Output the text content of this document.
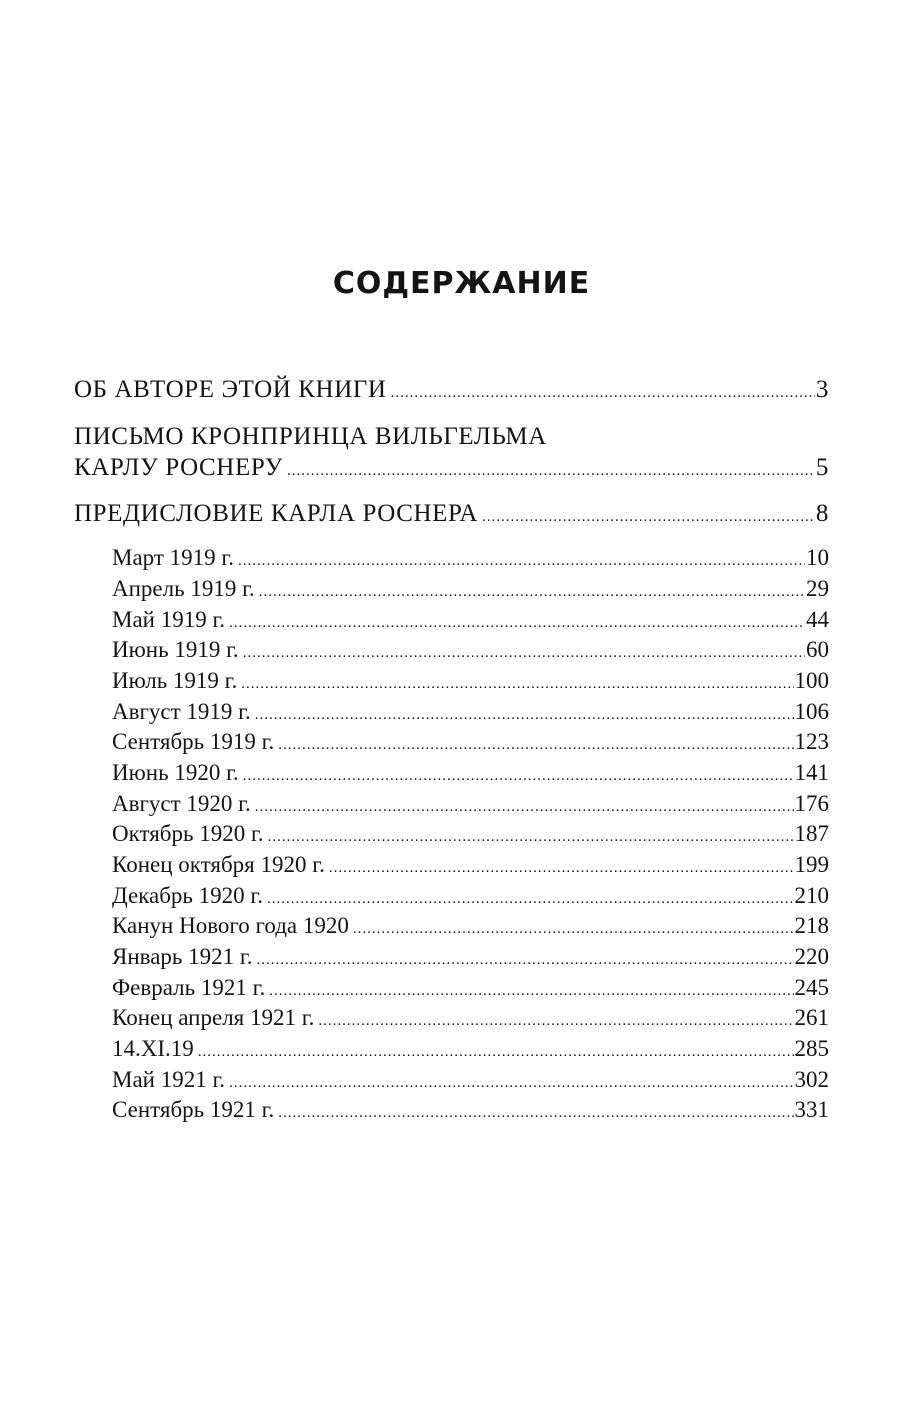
СОДЕРЖАНИЕ
ОБ АВТОРЕ ЭТОЙ КНИГИ .....	3
ПИСЬМО КРОНПРИНЦА ВИЛЬГЕЛЬМА
КАРЛУ РОСНЕРУ .....	5
ПРЕДИСЛОВИЕ КАРЛА РОСНЕРА .....	8
Март 1919 г. .....	10
Апрель 1919 г. .....	29
Май 1919 г. .....	44
Июнь 1919 г. .....	60
Июль 1919 г. .....	100
Август 1919 г. .....	106
Сентябрь 1919 г. .....	123
Июнь 1920 г. .....	141
Август 1920 г. .....	176
Октябрь 1920 г. .....	187
Конец октября 1920 г. .....	199
Декабрь 1920 г. .....	210
Канун Нового года 1920 .....	218
Январь 1921 г. .....	220
Февраль 1921 г. .....	245
Конец апреля 1921 г. .....	261
14.XI.19 .....	285
Май 1921 г. .....	302
Сентябрь 1921 г. .....	331
